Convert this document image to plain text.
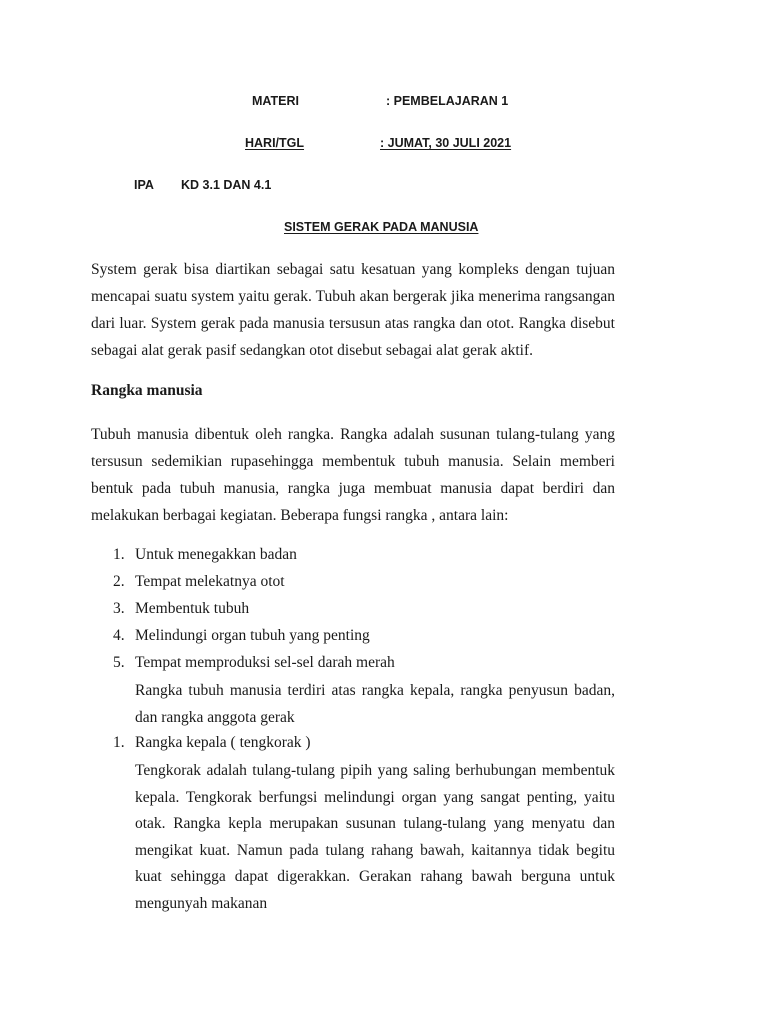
MATERI	: PEMBELAJARAN 1
HARI/TGL	: JUMAT, 30 JULI 2021
IPA KD 3.1 DAN 4.1
SISTEM GERAK PADA MANUSIA

System gerak bisa diartikan sebagai satu kesatuan yang kompleks dengan tujuan mencapai suatu system yaitu gerak. Tubuh akan bergerak jika menerima rangsangan dari luar. System gerak pada manusia tersusun atas rangka dan otot. Rangka disebut sebagai alat gerak pasif sedangkan otot disebut sebagai alat gerak aktif.

Rangka manusia

Tubuh manusia dibentuk oleh rangka. Rangka adalah susunan tulang-tulang yang tersusun sedemikian rupasehingga membentuk tubuh manusia. Selain memberi bentuk pada tubuh manusia, rangka juga membuat manusia dapat berdiri dan melakukan berbagai kegiatan. Beberapa fungsi rangka , antara lain:

1. Untuk menegakkan badan
2. Tempat melekatnya otot
3. Membentuk tubuh
4. Melindungi organ tubuh yang penting
5. Tempat memproduksi sel-sel darah merah

Rangka tubuh manusia terdiri atas rangka kepala, rangka penyusun badan, dan rangka anggota gerak

1. Rangka kepala ( tengkorak )

Tengkorak adalah tulang-tulang pipih yang saling berhubungan membentuk kepala. Tengkorak berfungsi melindungi organ yang sangat penting, yaitu otak. Rangka kepla merupakan susunan tulang-tulang yang menyatu dan mengikat kuat. Namun pada tulang rahang bawah, kaitannya tidak begitu kuat sehingga dapat digerakkan. Gerakan rahang bawah berguna untuk mengunyah makanan
